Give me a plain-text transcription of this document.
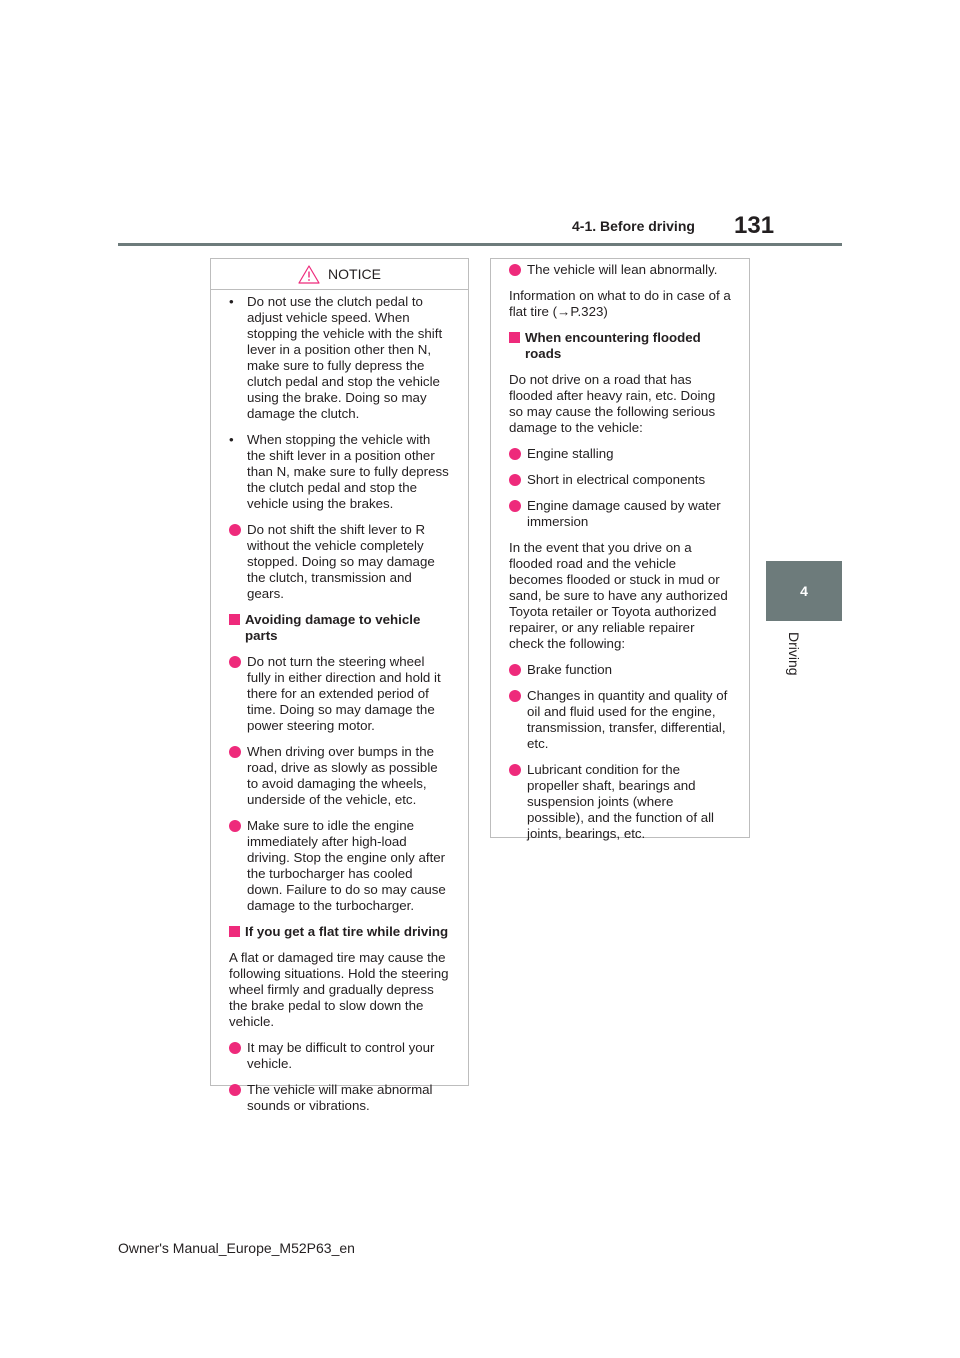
4-1. Before driving 131
4
Driving
NOTICE
• Do not use the clutch pedal to adjust vehicle speed. When stopping the vehicle with the shift lever in a position other then N, make sure to fully depress the clutch pedal and stop the vehicle using the brake. Doing so may damage the clutch.
• When stopping the vehicle with the shift lever in a position other than N, make sure to fully depress the clutch pedal and stop the vehicle using the brakes.
Do not shift the shift lever to R without the vehicle completely stopped. Doing so may damage the clutch, transmission and gears.
Avoiding damage to vehicle parts
Do not turn the steering wheel fully in either direction and hold it there for an extended period of time. Doing so may damage the power steering motor.
When driving over bumps in the road, drive as slowly as possible to avoid damaging the wheels, underside of the vehicle, etc.
Make sure to idle the engine immediately after high-load driving. Stop the engine only after the turbocharger has cooled down. Failure to do so may cause damage to the turbocharger.
If you get a flat tire while driving
A flat or damaged tire may cause the following situations. Hold the steering wheel firmly and gradually depress the brake pedal to slow down the vehicle.
It may be difficult to control your vehicle.
The vehicle will make abnormal sounds or vibrations.
The vehicle will lean abnormally.
Information on what to do in case of a flat tire (→P.323)
When encountering flooded roads
Do not drive on a road that has flooded after heavy rain, etc. Doing so may cause the following serious damage to the vehicle:
Engine stalling
Short in electrical components
Engine damage caused by water immersion
In the event that you drive on a flooded road and the vehicle becomes flooded or stuck in mud or sand, be sure to have any authorized Toyota retailer or Toyota authorized repairer, or any reliable repairer check the following:
Brake function
Changes in quantity and quality of oil and fluid used for the engine, transmission, transfer, differential, etc.
Lubricant condition for the propeller shaft, bearings and suspension joints (where possible), and the function of all joints, bearings, etc.
Owner's Manual_Europe_M52P63_en
